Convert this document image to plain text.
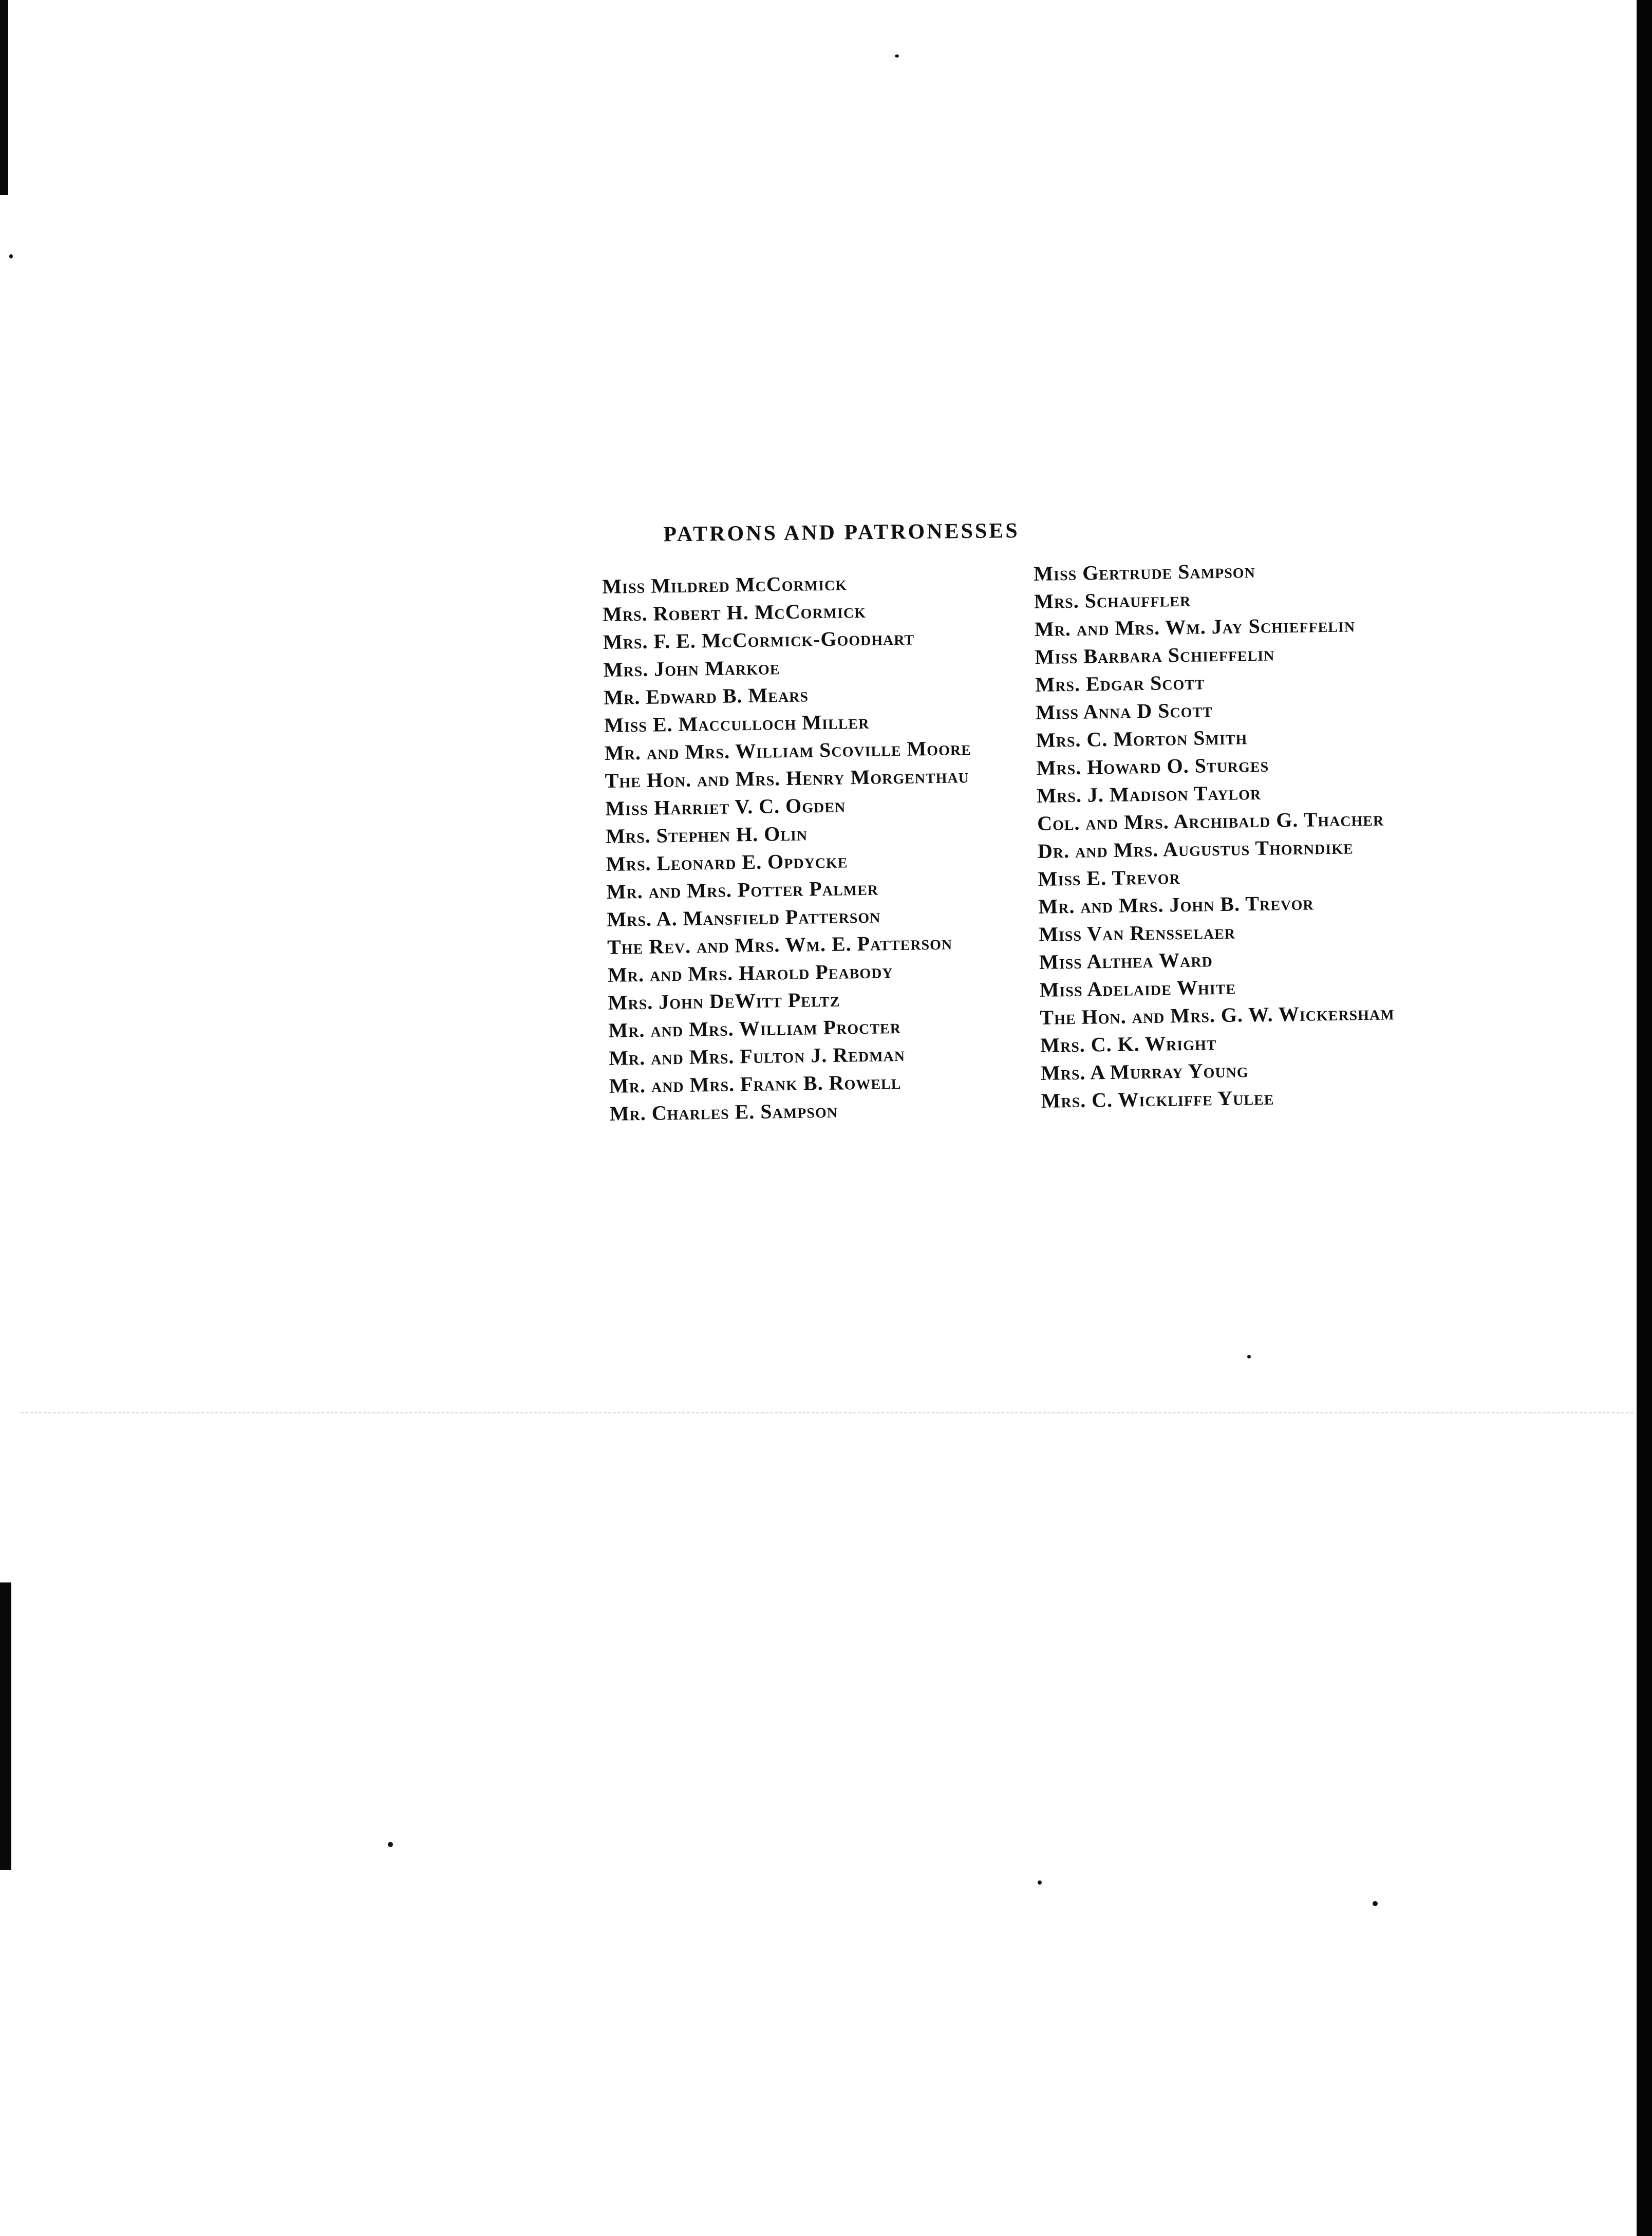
PATRONS AND PATRONESSES
Miss Mildred McCormick
Mrs. Robert H. McCormick
Mrs. F. E. McCormick-Goodhart
Mrs. John Markoe
Mr. Edward B. Mears
Miss E. Macculloch Miller
Mr. and Mrs. William Scoville Moore
The Hon. and Mrs. Henry Morgenthau
Miss Harriet V. C. Ogden
Mrs. Stephen H. Olin
Mrs. Leonard E. Opdycke
Mr. and Mrs. Potter Palmer
Mrs. A. Mansfield Patterson
The Rev. and Mrs. Wm. E. Patterson
Mr. and Mrs. Harold Peabody
Mrs. John DeWitt Peltz
Mr. and Mrs. William Procter
Mr. and Mrs. Fulton J. Redman
Mr. and Mrs. Frank B. Rowell
Mr. Charles E. Sampson
Miss Gertrude Sampson
Mrs. Schauffler
Mr. and Mrs. Wm. Jay Schieffelin
Miss Barbara Schieffelin
Mrs. Edgar Scott
Miss Anna D Scott
Mrs. C. Morton Smith
Mrs. Howard O. Sturges
Mrs. J. Madison Taylor
Col. and Mrs. Archibald G. Thacher
Dr. and Mrs. Augustus Thorndike
Miss E. Trevor
Mr. and Mrs. John B. Trevor
Miss Van Rensselaer
Miss Althea Ward
Miss Adelaide White
The Hon. and Mrs. G. W. Wickersham
Mrs. C. K. Wright
Mrs. A Murray Young
Mrs. C. Wickliffe Yulee
